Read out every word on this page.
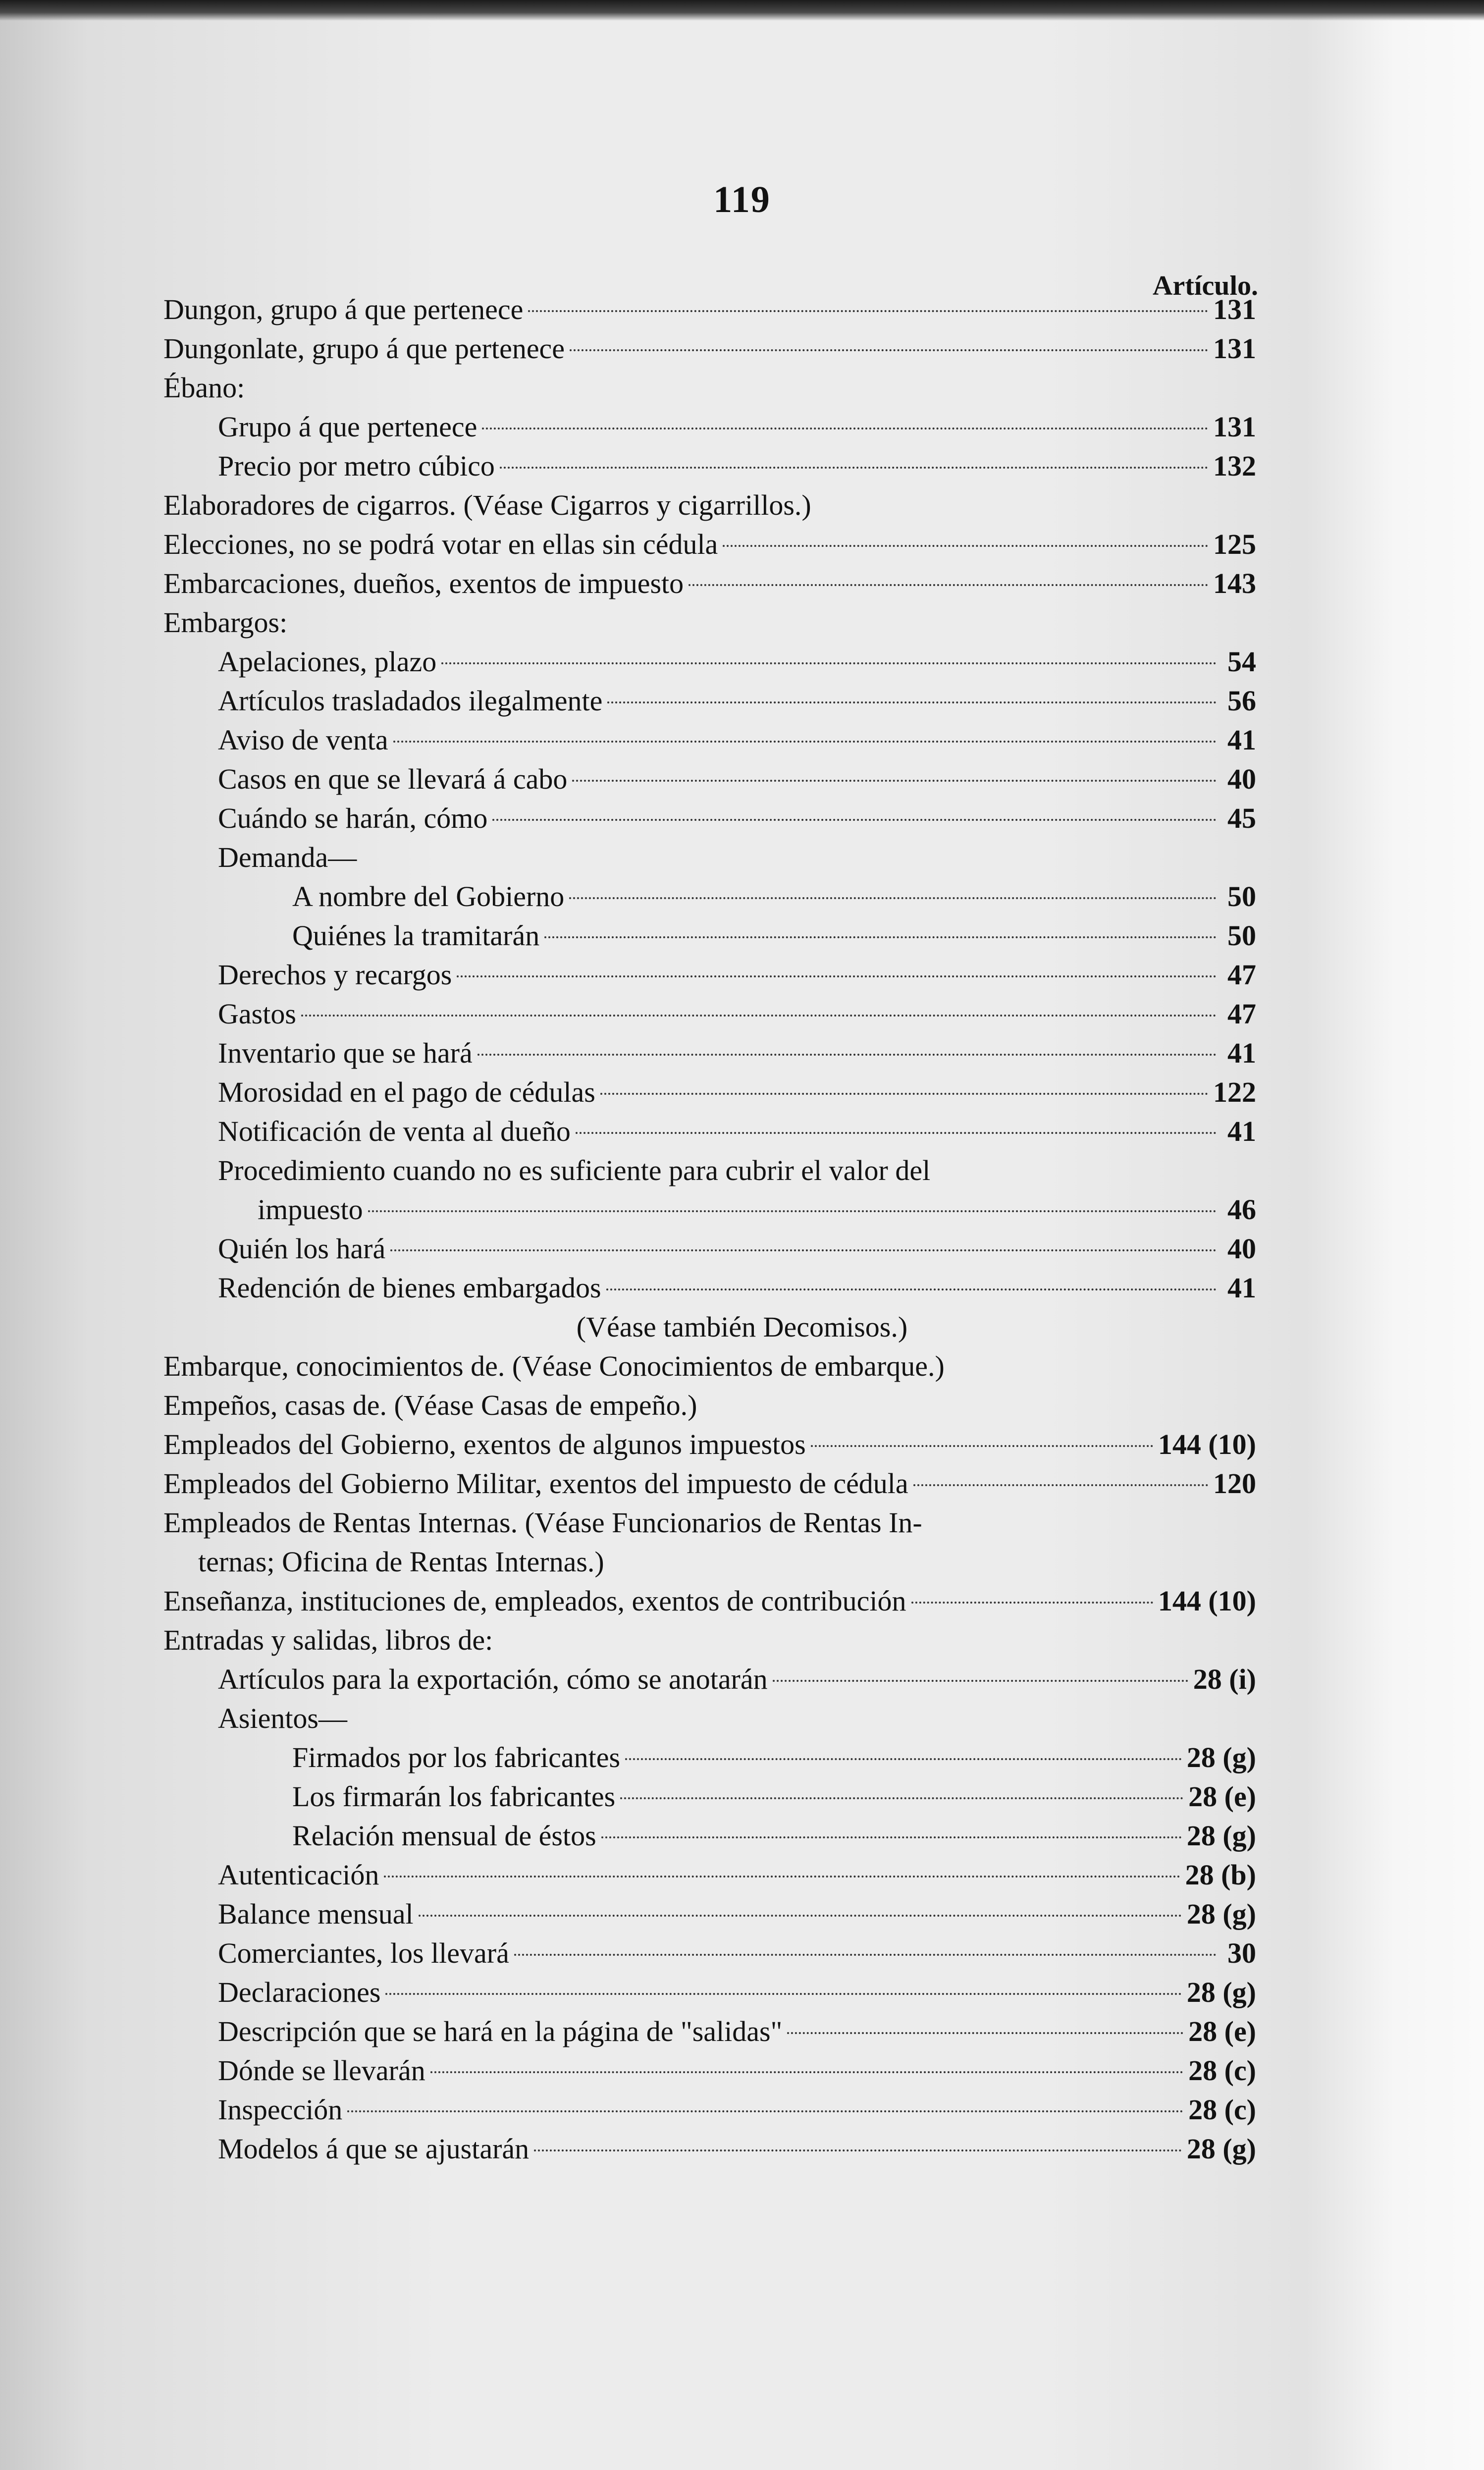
119
Artículo.
Dungon, grupo á que pertenece	131
Dungonlate, grupo á que pertenece	131
Ébano:
Grupo á que pertenece	131
Precio por metro cúbico	132
Elaboradores de cigarros. (Véase Cigarros y cigarrillos.)
Elecciones, no se podrá votar en ellas sin cédula	125
Embarcaciones, dueños, exentos de impuesto	143
Embargos:
Apelaciones, plazo	54
Artículos trasladados ilegalmente	56
Aviso de venta	41
Casos en que se llevará á cabo	40
Cuándo se harán, cómo	45
Demanda—
A nombre del Gobierno	50
Quiénes la tramitarán	50
Derechos y recargos	47
Gastos	47
Inventario que se hará	41
Morosidad en el pago de cédulas	122
Notificación de venta al dueño	41
Procedimiento cuando no es suficiente para cubrir el valor del
impuesto	46
Quién los hará	40
Redención de bienes embargados	41
(Véase también Decomisos.)
Embarque, conocimientos de. (Véase Conocimientos de embarque.)
Empeños, casas de. (Véase Casas de empeño.)
Empleados del Gobierno, exentos de algunos impuestos	144 (10)
Empleados del Gobierno Militar, exentos del impuesto de cédula	120
Empleados de Rentas Internas. (Véase Funcionarios de Rentas In-
ternas; Oficina de Rentas Internas.)
Enseñanza, instituciones de, empleados, exentos de contribución	144 (10)
Entradas y salidas, libros de:
Artículos para la exportación, cómo se anotarán	28 (i)
Asientos—
Firmados por los fabricantes	28 (g)
Los firmarán los fabricantes	28 (e)
Relación mensual de éstos	28 (g)
Autenticación	28 (b)
Balance mensual	28 (g)
Comerciantes, los llevará	30
Declaraciones	28 (g)
Descripción que se hará en la página de "salidas"	28 (e)
Dónde se llevarán	28 (c)
Inspección	28 (c)
Modelos á que se ajustarán	28 (g)
